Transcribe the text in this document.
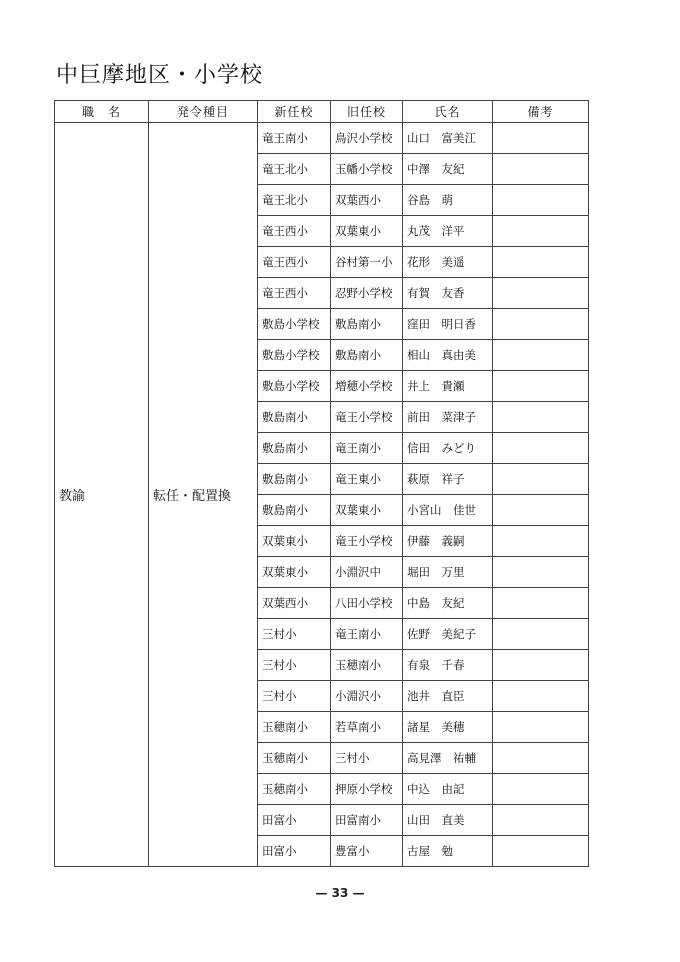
中巨摩地区・小学校
職　名	発令種目	新任校	旧任校	氏名	備考
教諭	転任・配置換	竜王南小	鳥沢小学校	山口　富美江	
		竜王北小	玉幡小学校	中澤　友紀	
		竜王北小	双葉西小	谷島　萌	
		竜王西小	双葉東小	丸茂　洋平	
		竜王西小	谷村第一小	花形　美遥	
		竜王西小	忍野小学校	有賀　友香	
		敷島小学校	敷島南小	窪田　明日香	
		敷島小学校	敷島南小	相山　真由美	
		敷島小学校	増穂小学校	井上　貴瀬	
		敷島南小	竜王小学校	前田　菜津子	
		敷島南小	竜王南小	信田　みどり	
		敷島南小	竜王東小	萩原　祥子	
		敷島南小	双葉東小	小宮山　佳世	
		双葉東小	竜王小学校	伊藤　義嗣	
		双葉東小	小淵沢中	堀田　万里	
		双葉西小	八田小学校	中島　友紀	
		三村小	竜王南小	佐野　美紀子	
		三村小	玉穂南小	有泉　千春	
		三村小	小淵沢小	池井　直臣	
		玉穂南小	若草南小	諸星　美穂	
		玉穂南小	三村小	高見澤　祐輔	
		玉穂南小	押原小学校	中込　由記	
		田富小	田富南小	山田　直美	
		田富小	豊富小	古屋　勉	
— 33 —
